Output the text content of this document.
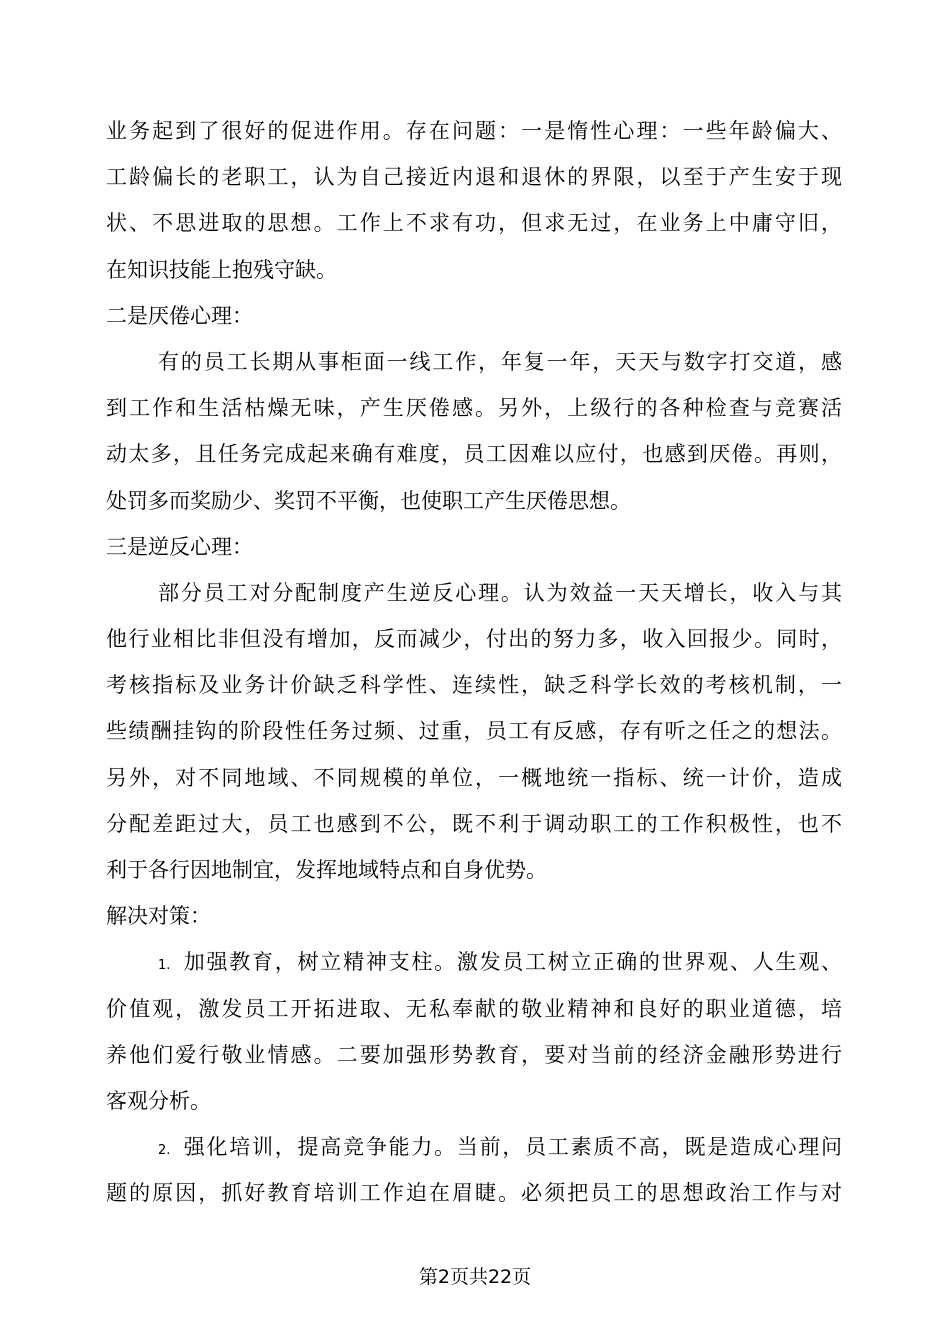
业务起到了很好的促进作用。存在问题：一是惰性心理：一些年龄偏大、
工龄偏长的老职工，认为自己接近内退和退休的界限，以至于产生安于现
状、不思进取的思想。工作上不求有功，但求无过，在业务上中庸守旧，
在知识技能上抱残守缺。
二是厌倦心理：
有的员工长期从事柜面一线工作，年复一年，天天与数字打交道，感
到工作和生活枯燥无味，产生厌倦感。另外，上级行的各种检查与竞赛活
动太多，且任务完成起来确有难度，员工因难以应付，也感到厌倦。再则，
处罚多而奖励少、奖罚不平衡，也使职工产生厌倦思想。
三是逆反心理：
部分员工对分配制度产生逆反心理。认为效益一天天增长，收入与其
他行业相比非但没有增加，反而减少，付出的努力多，收入回报少。同时，
考核指标及业务计价缺乏科学性、连续性，缺乏科学长效的考核机制，一
些绩酬挂钩的阶段性任务过频、过重，员工有反感，存有听之任之的想法。
另外，对不同地域、不同规模的单位，一概地统一指标、统一计价，造成
分配差距过大，员工也感到不公，既不利于调动职工的工作积极性，也不
利于各行因地制宜，发挥地域特点和自身优势。
解决对策：
1. 加强教育，树立精神支柱。激发员工树立正确的世界观、人生观、
价值观，激发员工开拓进取、无私奉献的敬业精神和良好的职业道德，培
养他们爱行敬业情感。二要加强形势教育，要对当前的经济金融形势进行
客观分析。
2. 强化培训，提高竞争能力。当前，员工素质不高，既是造成心理问
题的原因，抓好教育培训工作迫在眉睫。必须把员工的思想政治工作与对
第2页共22页
